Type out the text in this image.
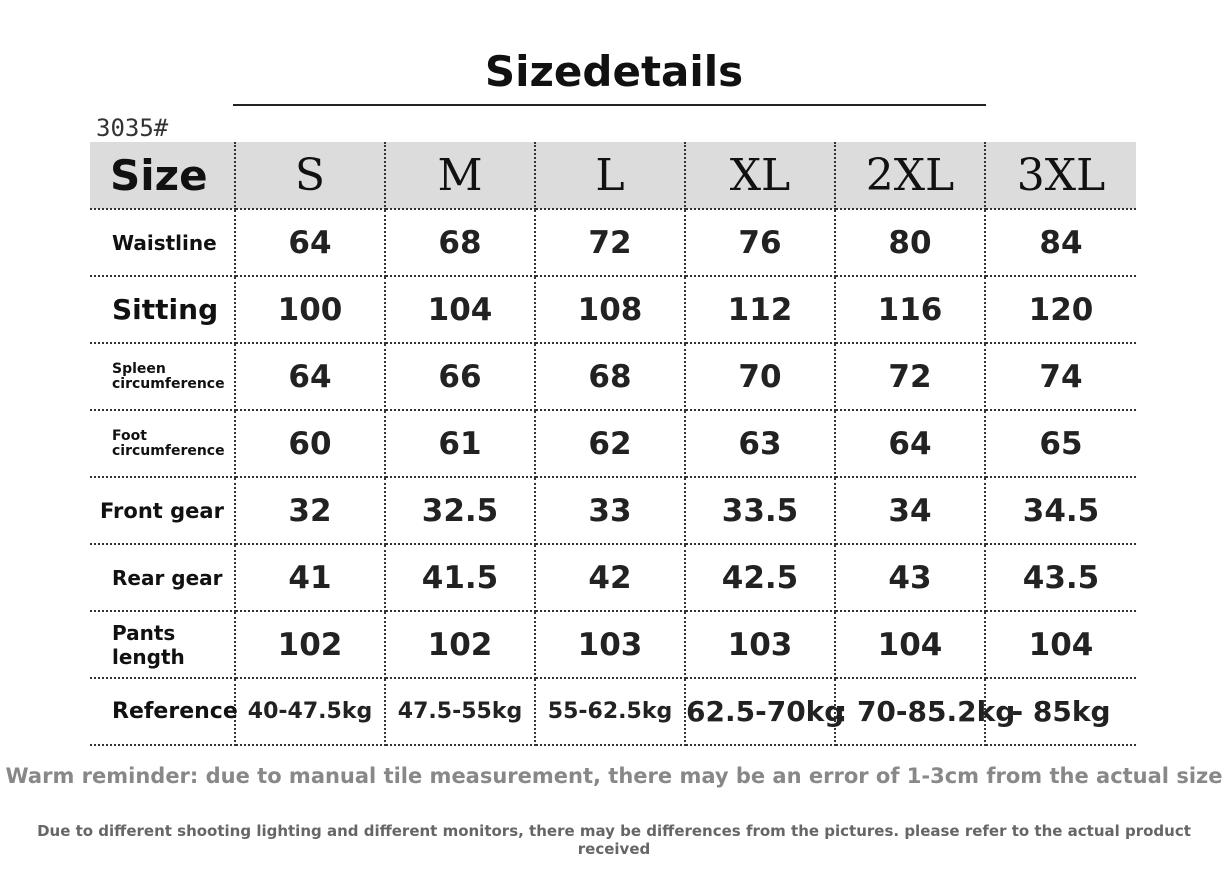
Sizedetails
3035#
Size	S	M	L	XL	2XL	3XL
Waistline	64	68	72	76	80	84
Sitting	100	104	108	112	116	120
Spleen circumference	64	66	68	70	72	74
Foot circumference	60	61	62	63	64	65
Front gear	32	32.5	33	33.5	34	34.5
Rear gear	41	41.5	42	42.5	43	43.5
Pants length	102	102	103	103	104	104
Reference	40-47.5kg	47.5-55kg	55-62.5kg	62.5-70kg	: 70-85.2kg	- 85kg
Warm reminder: due to manual tile measurement, there may be an error of 1-3cm from the actual size
Due to different shooting lighting and different monitors, there may be differences from the pictures. please refer to the actual product received
